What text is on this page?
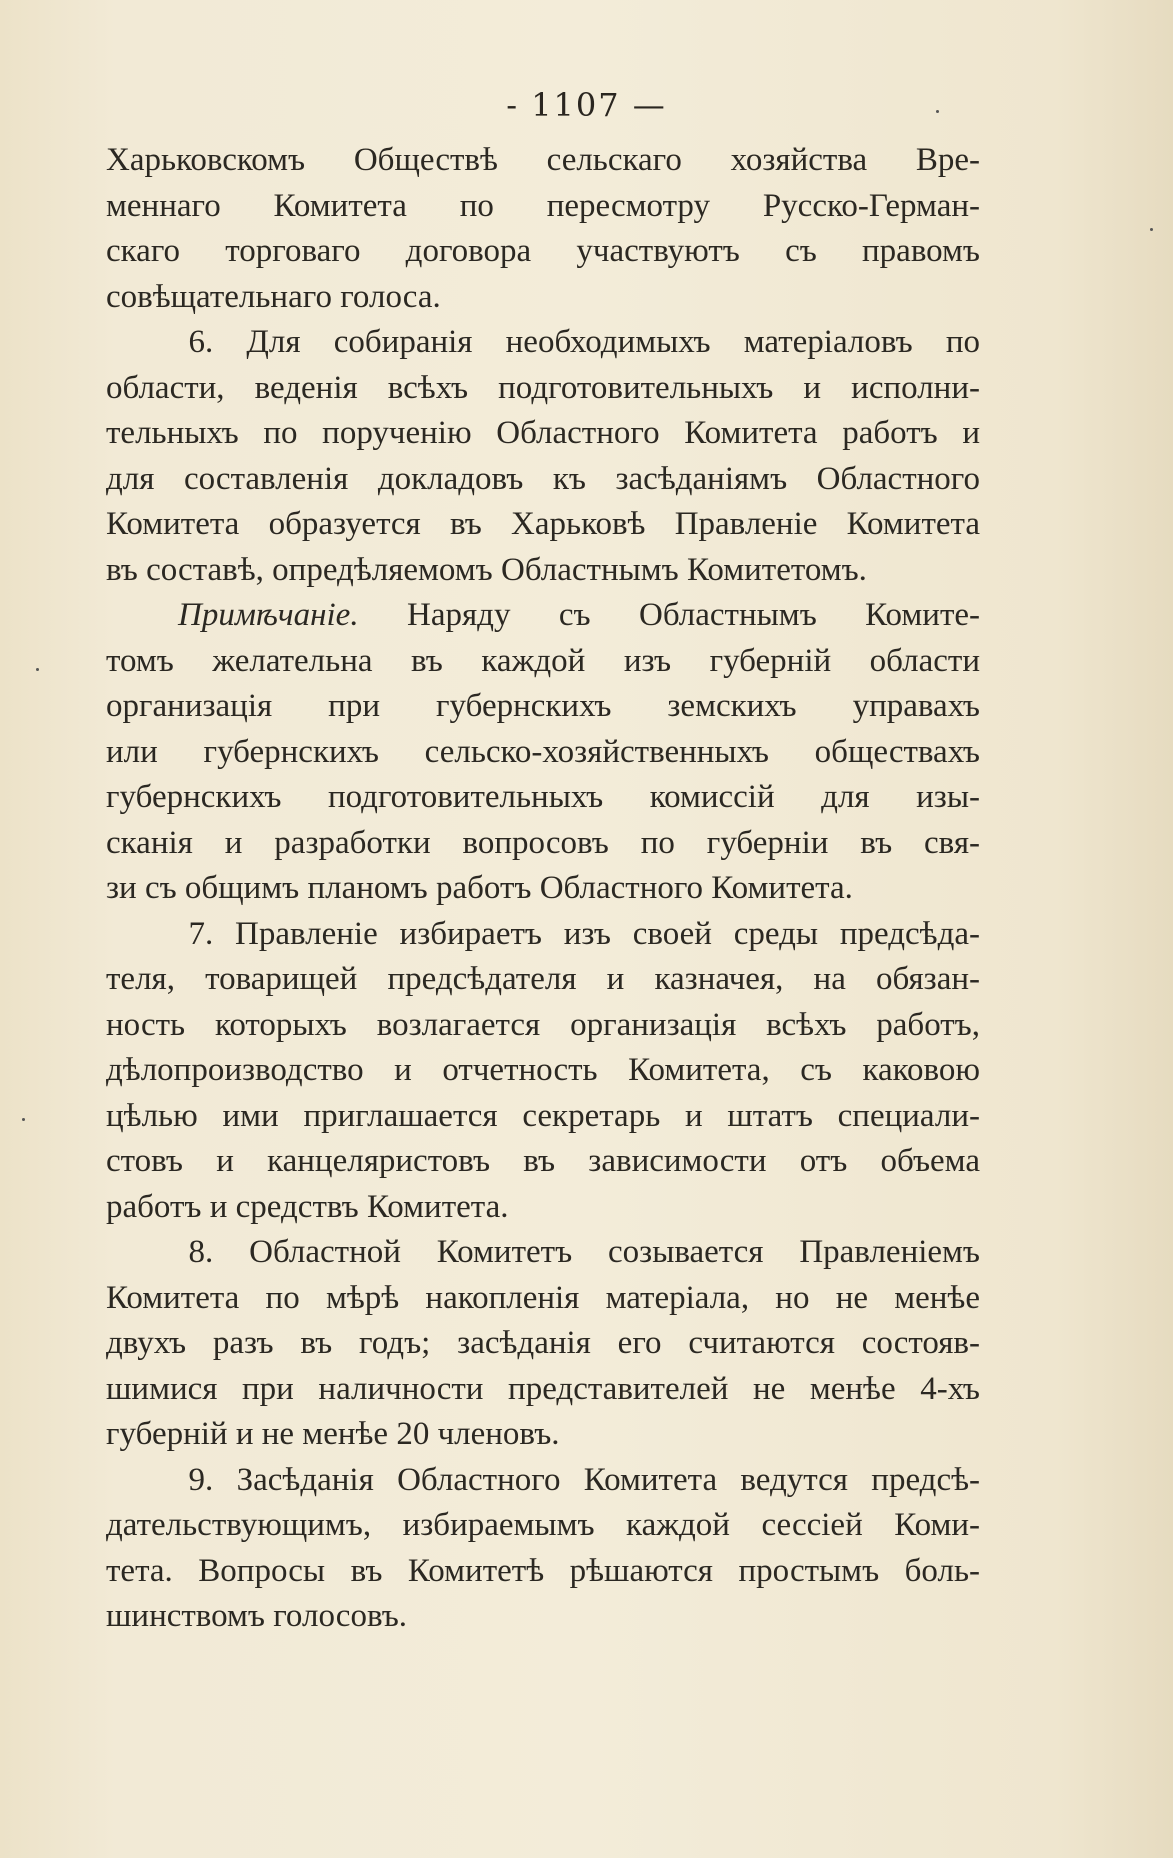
- 1107 —
Харьковскомъ Обществѣ сельскаго хозяйства Вре-
меннаго Комитета по пересмотру Русско-Герман-
скаго торговаго договора участвуютъ съ правомъ
совѣщательнаго голоса.
6. Для собиранія необходимыхъ матеріаловъ по
области, веденія всѣхъ подготовительныхъ и исполни-
тельныхъ по порученію Областного Комитета работъ и
для составленія докладовъ къ засѣданіямъ Областного
Комитета образуется въ Харьковѣ Правленіе Комитета
въ составѣ, опредѣляемомъ Областнымъ Комитетомъ.
Примѣчаніе. Наряду съ Областнымъ Комите-
томъ желательна въ каждой изъ губерній области
организація при губернскихъ земскихъ управахъ
или губернскихъ сельско-хозяйственныхъ обществахъ
губернскихъ подготовительныхъ комиссій для изы-
сканія и разработки вопросовъ по губерніи въ свя-
зи съ общимъ планомъ работъ Областного Комитета.
7. Правленіе избираетъ изъ своей среды предсѣда-
теля, товарищей предсѣдателя и казначея, на обязан-
ность которыхъ возлагается организація всѣхъ работъ,
дѣлопроизводство и отчетность Комитета, съ каковою
цѣлью ими приглашается секретарь и штатъ специали-
стовъ и канцеляристовъ въ зависимости отъ объема
работъ и средствъ Комитета.
8. Областной Комитетъ созывается Правленіемъ
Комитета по мѣрѣ накопленія матеріала, но не менѣе
двухъ разъ въ годъ; засѣданія его считаются состояв-
шимися при наличности представителей не менѣе 4-хъ
губерній и не менѣе 20 членовъ.
9. Засѣданія Областного Комитета ведутся предсѣ-
дательствующимъ, избираемымъ каждой сессіей Коми-
тета. Вопросы въ Комитетѣ рѣшаются простымъ боль-
шинствомъ голосовъ.
